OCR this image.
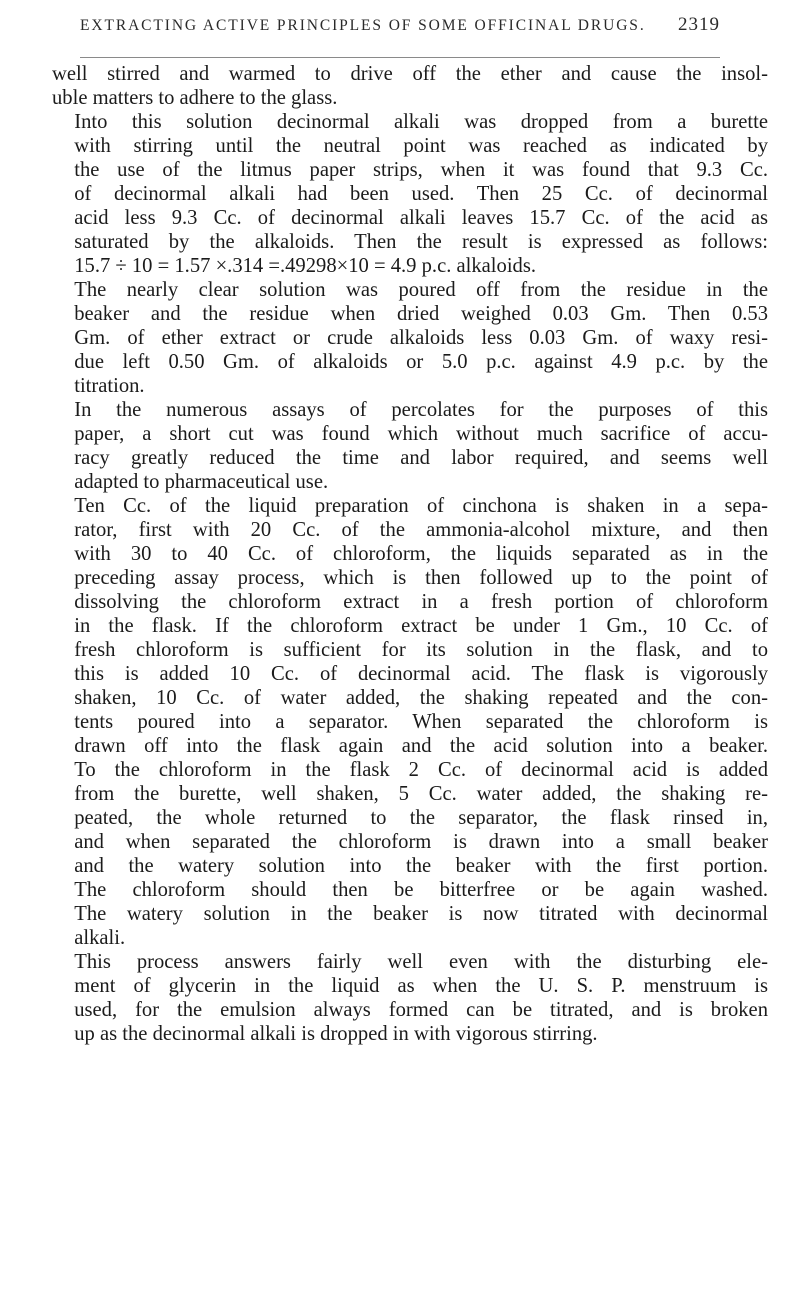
EXTRACTING ACTIVE PRINCIPLES OF SOME OFFICINAL DRUGS. 2319

well stirred and warmed to drive off the ether and cause the insol-
uble matters to adhere to the glass.

Into this solution decinormal alkali was dropped from a burette
with stirring until the neutral point was reached as indicated by
the use of the litmus paper strips, when it was found that 9.3 Cc.
of decinormal alkali had been used. Then 25 Cc. of decinormal
acid less 9.3 Cc. of decinormal alkali leaves 15.7 Cc. of the acid as
saturated by the alkaloids. Then the result is expressed as follows:
15.7 ÷ 10 = 1.57 ×.314 =.49298×10 = 4.9 p.c. alkaloids.

The nearly clear solution was poured off from the residue in the
beaker and the residue when dried weighed 0.03 Gm. Then 0.53
Gm. of ether extract or crude alkaloids less 0.03 Gm. of waxy resi-
due left 0.50 Gm. of alkaloids or 5.0 p.c. against 4.9 p.c. by the
titration.

In the numerous assays of percolates for the purposes of this
paper, a short cut was found which without much sacrifice of accu-
racy greatly reduced the time and labor required, and seems well
adapted to pharmaceutical use.

Ten Cc. of the liquid preparation of cinchona is shaken in a sepa-
rator, first with 20 Cc. of the ammonia-alcohol mixture, and then
with 30 to 40 Cc. of chloroform, the liquids separated as in the
preceding assay process, which is then followed up to the point of
dissolving the chloroform extract in a fresh portion of chloroform
in the flask. If the chloroform extract be under 1 Gm., 10 Cc. of
fresh chloroform is sufficient for its solution in the flask, and to
this is added 10 Cc. of decinormal acid. The flask is vigorously
shaken, 10 Cc. of water added, the shaking repeated and the con-
tents poured into a separator. When separated the chloroform is
drawn off into the flask again and the acid solution into a beaker.
To the chloroform in the flask 2 Cc. of decinormal acid is added
from the burette, well shaken, 5 Cc. water added, the shaking re-
peated, the whole returned to the separator, the flask rinsed in,
and when separated the chloroform is drawn into a small beaker
and the watery solution into the beaker with the first portion.
The chloroform should then be bitterfree or be again washed.
The watery solution in the beaker is now titrated with decinormal
alkali.

This process answers fairly well even with the disturbing ele-
ment of glycerin in the liquid as when the U. S. P. menstruum is
used, for the emulsion always formed can be titrated, and is broken
up as the decinormal alkali is dropped in with vigorous stirring.
